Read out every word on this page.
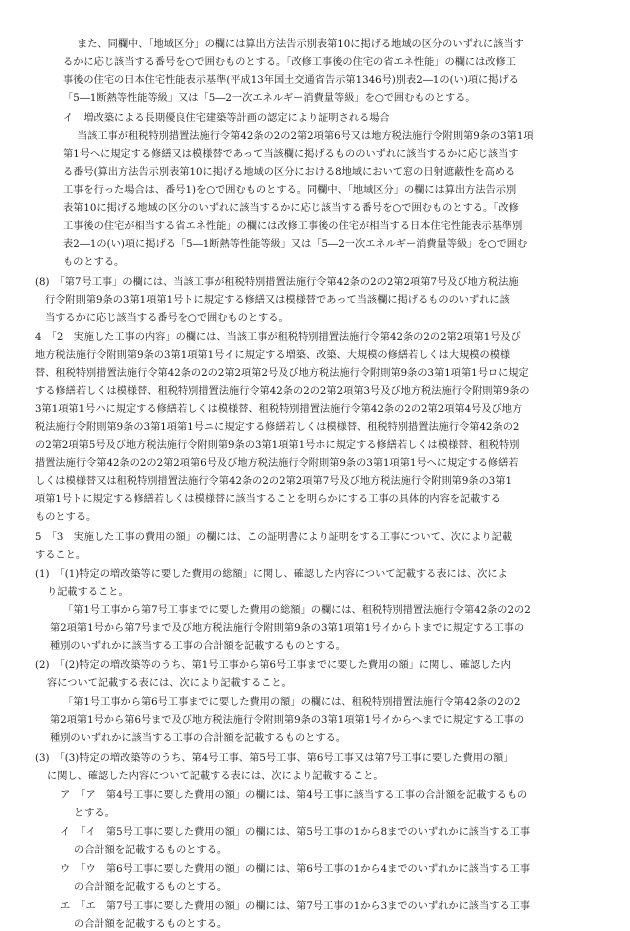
また、同欄中、「地域区分」の欄には算出方法告示別表第10に掲げる地域の区分のいずれに該当す
るかに応じ該当する番号を○で囲むものとする。「改修工事後の住宅の省エネ性能」の欄には改修工
事後の住宅の日本住宅性能表示基準(平成13年国土交通省告示第1346号)別表2―1の(い)項に掲げる
「5―1断熱等性能等級」又は「5―2一次エネルギー消費量等級」を○で囲むものとする。
イ　増改築による長期優良住宅建築等計画の認定により証明される場合
当該工事が租税特別措置法施行令第42条の2の2第2項第6号又は地方税法施行令附則第9条の3第1項
第1号へに規定する修繕又は模様替であって当該欄に掲げるもののいずれに該当するかに応じ該当す
る番号(算出方法告示別表第10に掲げる地域の区分における8地域において窓の日射遮蔽性を高める
工事を行った場合は、番号1)を○で囲むものとする。同欄中、「地域区分」の欄には算出方法告示別
表第10に掲げる地域の区分のいずれに該当するかに応じ該当する番号を○で囲むものとする。「改修
工事後の住宅が相当する省エネ性能」の欄には改修工事後の住宅が相当する日本住宅性能表示基準別
表2―1の(い)項に掲げる「5―1断熱等性能等級」又は「5―2一次エネルギー消費量等級」を○で囲む
ものとする。
(8)　「第7号工事」の欄には、当該工事が租税特別措置法施行令第42条の2の2第2項第7号及び地方税法施
行令附則第9条の3第1項第1号トに規定する修繕又は模様替であって当該欄に掲げるもののいずれに該
当するかに応じ該当する番号を○で囲むものとする。
4　「2　実施した工事の内容」の欄には、当該工事が租税特別措置法施行令第42条の2の2第2項第1号及び
地方税法施行令附則第9条の3第1項第1号イに規定する増築、改築、大規模の修繕若しくは大規模の模様
替、租税特別措置法施行令第42条の2の2第2項第2号及び地方税法施行令附則第9条の3第1項第1号ロに規定
する修繕若しくは模様替、租税特別措置法施行令第42条の2の2第2項第3号及び地方税法施行令附則第9条の
3第1項第1号ハに規定する修繕若しくは模様替、租税特別措置法施行令第42条の2の2第2項第4号及び地方
税法施行令附則第9条の3第1項第1号ニに規定する修繕若しくは模様替、租税特別措置法施行令第42条の2
の2第2項第5号及び地方税法施行令附則第9条の3第1項第1号ホに規定する修繕若しくは模様替、租税特別
措置法施行令第42条の2の2第2項第6号及び地方税法施行令附則第9条の3第1項第1号へに規定する修繕若
しくは模様替又は租税特別措置法施行令第42条の2の2第2項第7号及び地方税法施行令附則第9条の3第1
項第1号トに規定する修繕若しくは模様替に該当することを明らかにする工事の具体的内容を記載する
ものとする。
5　「3　実施した工事の費用の額」の欄には、この証明書により証明をする工事について、次により記載
すること。
(1)　「(1)特定の増改築等に要した費用の総額」に関し、確認した内容について記載する表には、次によ
り記載すること。
「第1号工事から第7号工事までに要した費用の総額」の欄には、租税特別措置法施行令第42条の2の2
第2項第1号から第7号まで及び地方税法施行令附則第9条の3第1項第1号イからトまでに規定する工事の
種別のいずれかに該当する工事の合計額を記載するものとする。
(2)　「(2)特定の増改築等のうち、第1号工事から第6号工事までに要した費用の額」に関し、確認した内
容について記載する表には、次により記載すること。
「第1号工事から第6号工事までに要した費用の額」の欄には、租税特別措置法施行令第42条の2の2
第2項第1号から第6号まで及び地方税法施行令附則第9条の3第1項第1号イからへまでに規定する工事の
種別のいずれかに該当する工事の合計額を記載するものとする。
(3)　「(3)特定の増改築等のうち、第4号工事、第5号工事、第6号工事又は第7号工事に要した費用の額」
に関し、確認した内容について記載する表には、次により記載すること。
ア　「ア　第4号工事に要した費用の額」の欄には、第4号工事に該当する工事の合計額を記載するもの
とする。
イ　「イ　第5号工事に要した費用の額」の欄には、第5号工事の1から8までのいずれかに該当する工事
の合計額を記載するものとする。
ウ　「ウ　第6号工事に要した費用の額」の欄には、第6号工事の1から4までのいずれかに該当する工事
の合計額を記載するものとする。
エ　「エ　第7号工事に要した費用の額」の欄には、第7号工事の1から3までのいずれかに該当する工事
の合計額を記載するものとする。
